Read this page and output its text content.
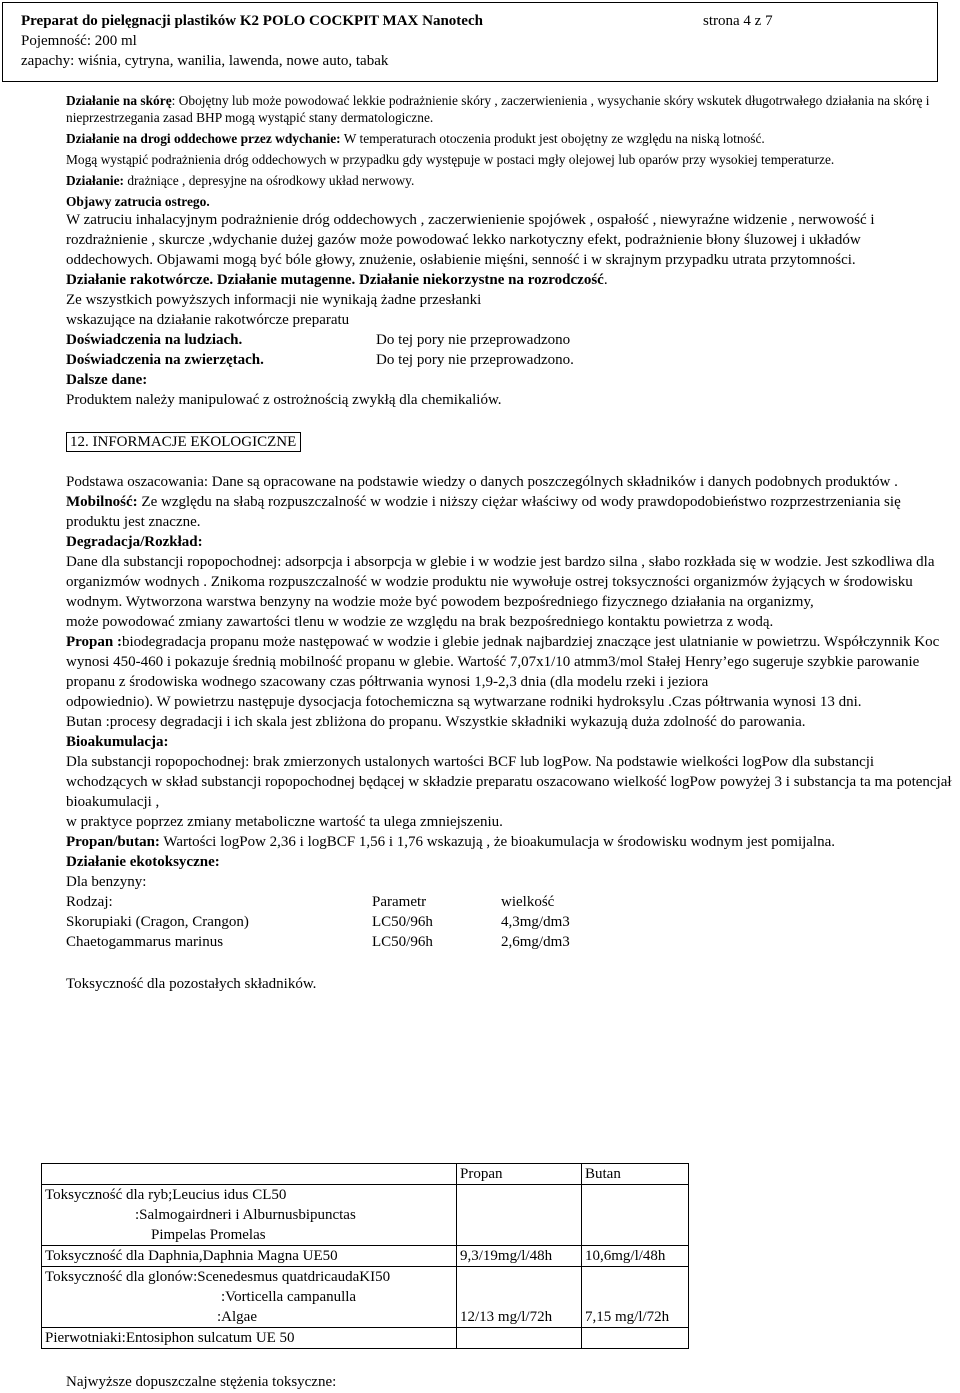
Preparat do pielęgnacji plastików K2 POLO COCKPIT MAX Nanotech	strona 4 z 7
Pojemność: 200 ml
zapachy: wiśnia, cytryna, wanilia, lawenda, nowe auto, tabak

Działanie na skórę: Obojętny lub może powodować lekkie podrażnienie skóry , zaczerwienienia , wysychanie skóry wskutek długotrwałego działania na skórę i nieprzestrzegania zasad BHP mogą wystąpić stany dermatologiczne.

Działanie na drogi oddechowe przez wdychanie: W temperaturach otoczenia produkt jest obojętny ze względu na niską lotność.

Mogą wystąpić podrażnienia dróg oddechowych w przypadku gdy występuje w postaci mgły olejowej lub oparów przy wysokiej temperaturze.

Działanie: drażniące , depresyjne na ośrodkowy układ nerwowy.

Objawy zatrucia ostrego.

W zatruciu inhalacyjnym podrażnienie dróg oddechowych , zaczerwienienie spojówek , ospałość , niewyraźne widzenie , nerwowość i rozdrażnienie , skurcze ,wdychanie dużej gazów może powodować lekko narkotyczny efekt, podrażnienie błony śluzowej i układów

oddechowych. Objawami mogą być bóle głowy, znużenie, osłabienie mięśni, senność i w skrajnym przypadku utrata przytomności.

Działanie rakotwórcze. Działanie mutagenne. Działanie niekorzystne na rozrodczość.

Ze wszystkich powyższych informacji nie wynikają żadne przesłanki

wskazujące na działanie rakotwórcze preparatu

Doświadczenia na ludziach.	Do tej pory nie przeprowadzono
Doświadczenia na zwierzętach.	Do tej pory nie przeprowadzono.

Dalsze dane:

Produktem należy manipulować z ostrożnością zwykłą dla chemikaliów.

12. INFORMACJE EKOLOGICZNE

Podstawa oszacowania: Dane są opracowane na podstawie wiedzy o danych poszczególnych składników i danych podobnych produktów .

Mobilność: Ze względu na słabą rozpuszczalność w wodzie i niższy ciężar właściwy od wody prawdopodobieństwo rozprzestrzeniania się produktu jest znaczne.

Degradacja/Rozkład:

Dane dla substancji ropopochodnej: adsorpcja i absorpcja w glebie i w wodzie jest bardzo silna , słabo rozkłada się w wodzie. Jest szkodliwa dla organizmów wodnych . Znikoma rozpuszczalność w wodzie produktu nie wywołuje ostrej toksyczności organizmów żyjących w środowisku wodnym. Wytworzona warstwa benzyny na wodzie może być powodem bezpośredniego fizycznego działania na organizmy,

może powodować zmiany zawartości tlenu w wodzie ze względu na brak bezpośredniego kontaktu powietrza z wodą.

Propan :biodegradacja propanu może następować w wodzie i glebie jednak najbardziej znaczące jest ulatnianie w powietrzu. Współczynnik Koc wynosi 450-460 i pokazuje średnią mobilność propanu w glebie. Wartość 7,07x1/10 atmm3/mol Stałej Henry’ego sugeruje szybkie parowanie propanu z środowiska wodnego szacowany czas półtrwania wynosi 1,9-2,3 dnia (dla modelu rzeki i jeziora

odpowiednio). W powietrzu następuje dysocjacja fotochemiczna są wytwarzane rodniki hydroksylu .Czas półtrwania wynosi 13 dni.

Butan :procesy degradacji i ich skala jest zbliżona do propanu. Wszystkie składniki wykazują duża zdolność do parowania.

Bioakumulacja:

Dla substancji ropopochodnej: brak zmierzonych ustalonych wartości BCF lub logPow. Na podstawie wielkości logPow dla substancji wchodzących w skład substancji ropopochodnej będącej w składzie preparatu oszacowano wielkość logPow powyżej 3 i substancja ta ma potencjał bioakumulacji ,

w praktyce poprzez zmiany metaboliczne wartość ta ulega zmniejszeniu.

Propan/butan: Wartości logPow 2,36 i logBCF 1,56 i 1,76 wskazują , że bioakumulacja w środowisku wodnym jest pomijalna.

Działanie ekotoksyczne:

Dla benzyny:

Rodzaj:	Parametr	wielkość
Skorupiaki (Cragon, Crangon)	LC50/96h	4,3mg/dm3
Chaetogammarus marinus	LC50/96h	2,6mg/dm3

Toksyczność dla pozostałych składników.

	Propan	Butan

Toksyczność dla ryb;Leucius idus CL50
:Salmogairdneri i Alburnusbipunctas
Pimpelas Promelas		

Toksyczność dla Daphnia,Daphnia Magna UE50	9,3/19mg/l/48h	10,6mg/l/48h

Toksyczność dla glonów:Scenedesmus quatdricaudaKI50
:Vorticella campanulla
:Algae	12/13 mg/l/72h	7,15 mg/l/72h
Pierwotniaki:Entosiphon sulcatum UE 50		
Najwyższe dopuszczalne stężenia toksyczne:
